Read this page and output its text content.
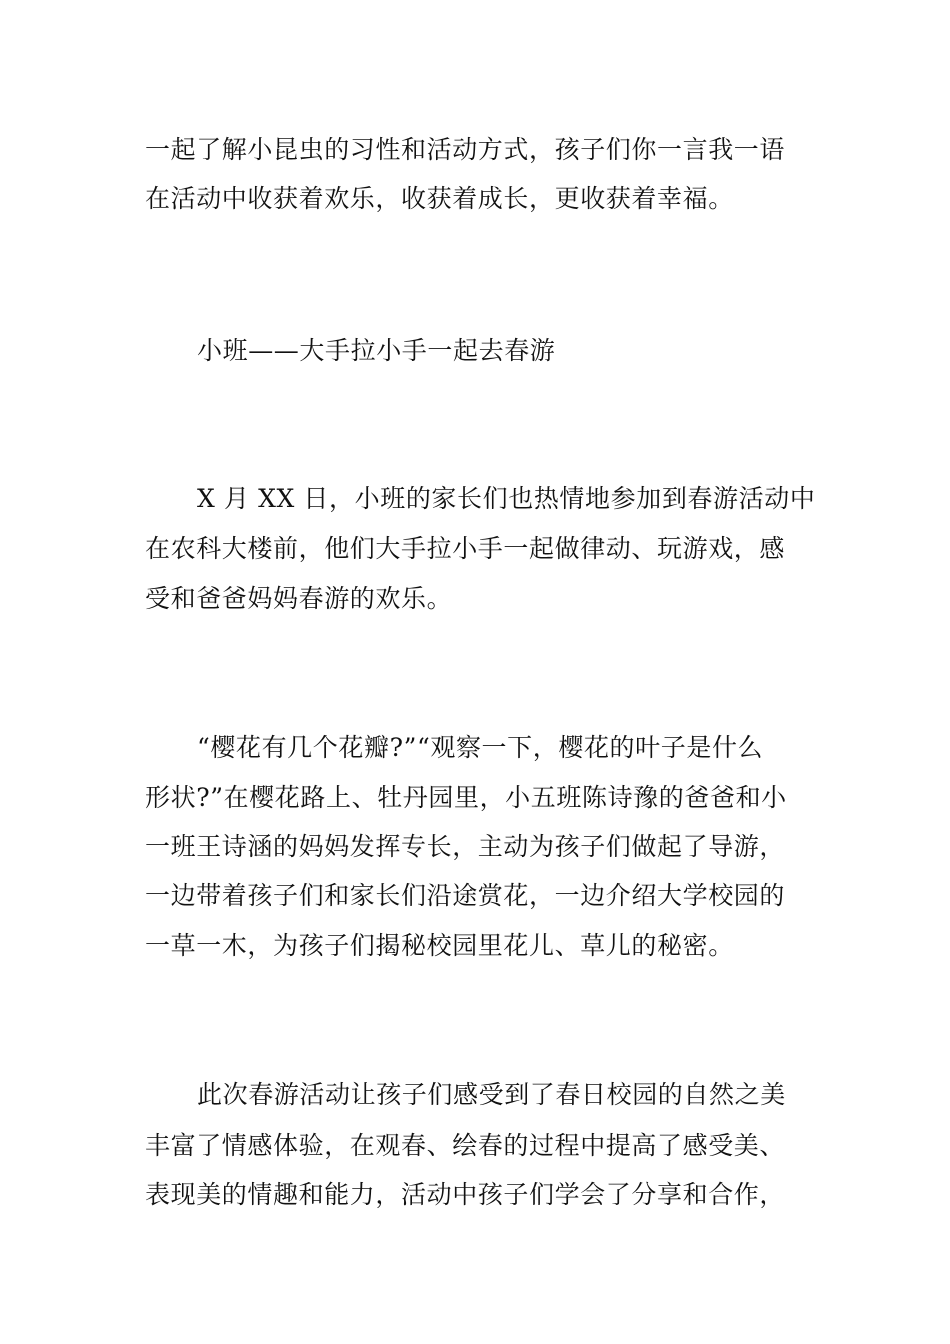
一起了解小昆虫的习性和活动方式，孩子们你一言我一语
在活动中收获着欢乐，收获着成长，更收获着幸福。
小班——大手拉小手一起去春游
X 月 XX 日，小班的家长们也热情地参加到春游活动中
在农科大楼前，他们大手拉小手一起做律动、玩游戏，感
受和爸爸妈妈春游的欢乐。
“樱花有几个花瓣?”“观察一下，樱花的叶子是什么
形状?”在樱花路上、牡丹园里，小五班陈诗豫的爸爸和小
一班王诗涵的妈妈发挥专长，主动为孩子们做起了导游，
一边带着孩子们和家长们沿途赏花，一边介绍大学校园的
一草一木，为孩子们揭秘校园里花儿、草儿的秘密。
此次春游活动让孩子们感受到了春日校园的自然之美
丰富了情感体验，在观春、绘春的过程中提高了感受美、
表现美的情趣和能力，活动中孩子们学会了分享和合作，
